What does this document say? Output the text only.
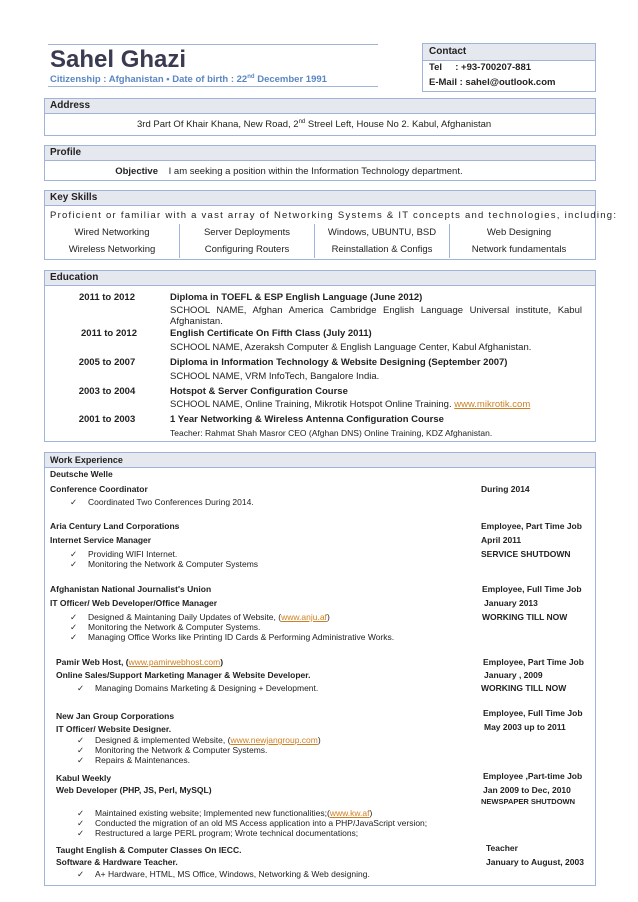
Sahel Ghazi
Citizenship : Afghanistan • Date of birth : 22nd December 1991
Contact
Tel : +93-700207-881
E-Mail : sahel@outlook.com
Address
3rd Part Of Khair Khana, New Road, 2nd Streel Left, House No 2. Kabul, Afghanistan
Profile
Objective I am seeking a position within the Information Technology department.
Key Skills
Proficient or familiar with a vast array of Networking Systems & IT concepts and technologies, including:
Wired Networking	Server Deployments	Windows, UBUNTU, BSD	Web Designing
Wireless Networking	Configuring Routers	Reinstallation & Configs	Network fundamentals
Education
2011 to 2012	Diploma in TOEFL & ESP English Language (June 2012)
SCHOOL NAME, Afghan America Cambridge English Language Universal institute, Kabul Afghanistan.
2011 to 2012	English Certificate On Fifth Class (July 2011)
SCHOOL NAME, Azeraksh Computer & English Language Center, Kabul Afghanistan.
2005 to 2007	Diploma in Information Technology & Website Designing (September 2007)
SCHOOL NAME, VRM InfoTech, Bangalore India.
2003 to 2004	Hotspot & Server Configuration Course
SCHOOL NAME, Online Training, Mikrotik Hotspot Online Training. www.mikrotik.com
2001 to 2003	1 Year Networking & Wireless Antenna Configuration Course
Teacher: Rahmat Shah Masror CEO (Afghan DNS) Online Training, KDZ Afghanistan.
Work Experience
Deutsche Welle
Conference Coordinator	During 2014
✓ Coordinated Two Conferences During 2014.
Aria Century Land Corporations	Employee, Part Time Job
Internet Service Manager	April 2011
SERVICE SHUTDOWN
✓ Providing WIFI Internet.
✓ Monitoring the Network & Computer Systems
Afghanistan National Journalist's Union	Employee, Full Time Job
IT Officer/ Web Developer/Office Manager	January 2013
WORKING TILL NOW
✓ Designed & Maintaning Daily Updates of Website, (www.anju.af)
✓ Monitoring the Network & Computer Systems.
✓ Managing Office Works like Printing ID Cards & Performing Administrative Works.
Pamir Web Host, (www.pamirwebhost.com)	Employee, Part Time Job
Online Sales/Support Marketing Manager & Website Developer.	January , 2009
WORKING TILL NOW
✓ Managing Domains Marketing & Designing + Development.
New Jan Group Corporations	Employee, Full Time Job
IT Officer/ Website Designer.	May 2003 up to 2011
✓ Designed & implemented Website, (www.newjangroup.com)
✓ Monitoring the Network & Computer Systems.
✓ Repairs & Maintenances.
Kabul Weekly	Employee ,Part-time Job
Web Developer (PHP, JS, Perl, MySQL)	Jan 2009 to Dec, 2010
NEWSPAPER SHUTDOWN
✓ Maintained existing website; Implemented new functionalities;(www.kw.af)
✓ Conducted the migration of an old MS Access application into a PHP/JavaScript version;
✓ Restructured a large PERL program; Wrote technical documentations;
Taught English & Computer Classes On IECC.	Teacher
Software & Hardware Teacher.	January to August, 2003
✓ A+ Hardware, HTML, MS Office, Windows, Networking & Web designing.
